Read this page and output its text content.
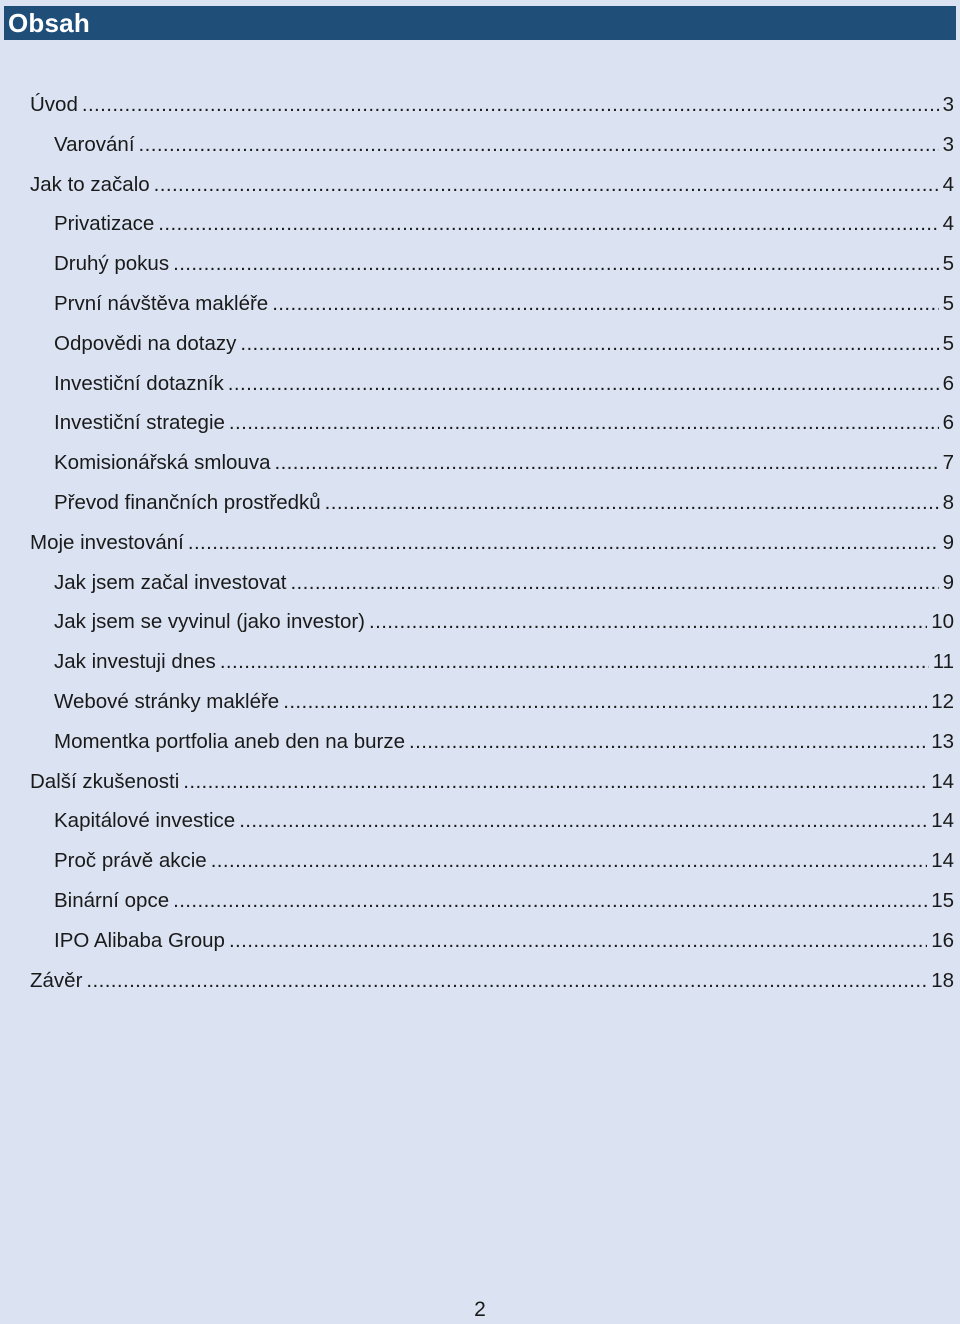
Obsah
Úvod .....	3
Varování .....	3
Jak to začalo .....	4
Privatizace .....	4
Druhý pokus .....	5
První návštěva makléře .....	5
Odpovědi na dotazy .....	5
Investiční dotazník .....	6
Investiční strategie .....	6
Komisionářská smlouva .....	7
Převod finančních prostředků .....	8
Moje investování .....	9
Jak jsem začal investovat .....	9
Jak jsem se vyvinul (jako investor) .....	10
Jak investuji dnes .....	11
Webové stránky makléře .....	12
Momentka portfolia aneb den na burze .....	13
Další zkušenosti .....	14
Kapitálové investice .....	14
Proč právě akcie .....	14
Binární opce .....	15
IPO Alibaba Group .....	16
Závěr .....	18
2
